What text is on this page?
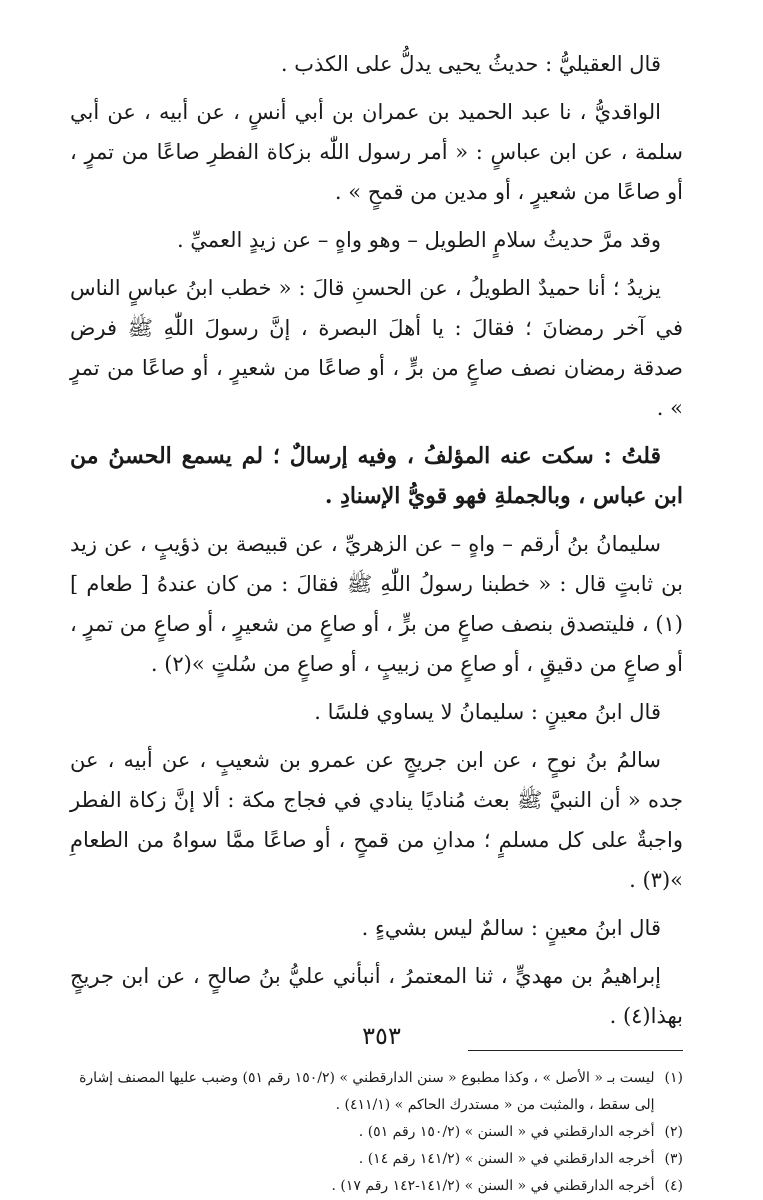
قال العقيليُّ : حديثُ يحيى يدلُّ على الكذب .

الواقديُّ ، نا عبد الحميد بن عمران بن أبي أنسٍ ، عن أبيه ، عن أبي سلمة ، عن ابن عباسٍ : « أمر رسول اللّٰه بزكاة الفطرِ صاعًا من تمرٍ ، أو صاعًا من شعيرٍ ، أو مدين من قمحٍ » .

وقد مرَّ حديثُ سلامٍ الطويل – وهو واهٍ – عن زيدٍ العميِّ .

يزيدُ ؛ أنا حميدٌ الطويلُ ، عن الحسنِ قالَ : « خطب ابنُ عباسٍ الناس في آخر رمضانَ ؛ فقالَ : يا أهلَ البصرة ، إنَّ رسولَ اللّٰهِ ﷺ فرض صدقة رمضان نصف صاعٍ من برٍّ ، أو صاعًا من شعيرٍ ، أو صاعًا من تمرٍ » .

قلتُ : سكت عنه المؤلفُ ، وفيه إرسالٌ ؛ لم يسمع الحسنُ من ابن عباس ، وبالجملةِ فهو قويُّ الإسنادِ .

سليمانُ بنُ أرقم – واهٍ – عن الزهريِّ ، عن قبيصة بن ذؤيبٍ ، عن زيد بن ثابتٍ قال : « خطبنا رسولُ اللّٰهِ ﷺ فقالَ : من كان عندهُ [ طعام ](١) ، فليتصدق بنصف صاعٍ من برٍّ ، أو صاعٍ من شعيرٍ ، أو صاعٍ من تمرٍ ، أو صاعٍ من دقيقٍ ، أو صاعٍ من زبيبٍ ، أو صاعٍ من سُلتٍ »(٢) .

قال ابنُ معينٍ : سليمانُ لا يساوي فلسًا .

سالمُ بنُ نوحٍ ، عن ابن جريجٍ عن عمرو بن شعيبٍ ، عن أبيه ، عن جده « أن النبيَّ ﷺ بعث مُناديًا ينادي في فجاج مكة : ألا إنَّ زكاة الفطر واجبةٌ على كل مسلمٍ ؛ مدانِ من قمحٍ ، أو صاعًا ممَّا سواهُ من الطعامِ »(٣) .

قال ابنُ معينٍ : سالمٌ ليس بشيءٍ .

إبراهيمُ بن مهديٍّ ، ثنا المعتمرُ ، أنبأني عليُّ بنُ صالحٍ ، عن ابن جريجٍ بهذا(٤) .

(١)
ليست بـ « الأصل » ، وكذا مطبوع « سنن الدارقطني » (١٥٠/٢ رقم ٥١) وضبب عليها المصنف إشارة إلى سقط ، والمثبت من « مستدرك الحاكم » (٤١١/١) .
(٢)
أخرجه الدارقطني في « السنن » (١٥٠/٢ رقم ٥١) .
(٣)
أخرجه الدارقطني في « السنن » (١٤١/٢ رقم ١٤) .
(٤)
أخرجه الدارقطني في « السنن » (١٤١/٢-١٤٢ رقم ١٧) .
٣٥٣
